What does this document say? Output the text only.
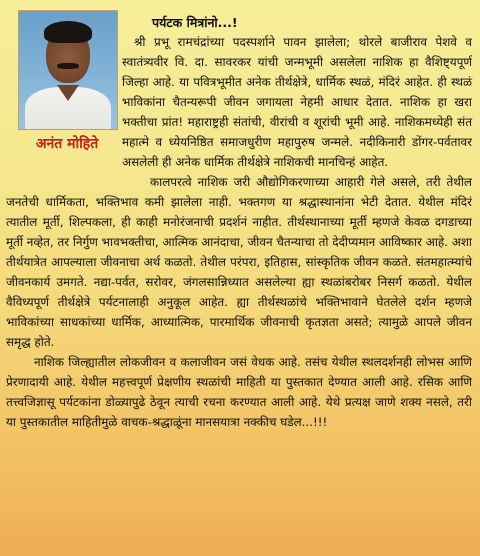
अनंत मोहिते
पर्यटक मित्रांनो...!

श्री प्रभू रामचंद्रांच्या पदस्पर्शाने पावन झालेला; थोरले बाजीराव पेशवे व स्वातंत्र्यवीर वि. दा. सावरकर यांची जन्मभूमी असलेला नाशिक हा वैशिष्ट्यपूर्ण जिल्हा आहे. या पवित्रभूमीत अनेक तीर्थक्षेत्रे, धार्मिक स्थळं, मंदिरं आहेत. ही स्थळं भाविकांना चैतन्यरूपी जीवन जगायला नेहमी आधार देतात. नाशिक हा खरा भक्तीचा प्रांत! महाराष्ट्रही संतांची, वीरांची व शूरांची भूमी आहे. नाशिकमध्येही संत महात्मे व ध्येयनिष्ठित समाजधुरीण महापुरुष जन्मले. नदीकिनारी डोंगर-पर्वतावर असलेली ही अनेक धार्मिक तीर्थक्षेत्रे नाशिकची मानचिन्हं आहेत.

कालपरत्वे नाशिक जरी औद्योगिकरणाच्या आहारी गेले असले, तरी तेथील जनतेची धार्मिकता, भक्तिभाव कमी झालेला नाही. भक्तगण या श्रद्धास्थानांना भेटी देतात. येथील मंदिरं त्यातील मूर्ती, शिल्पकला, ही काही मनोरंजनाची प्रदर्शनं नाहीत. तीर्थस्थानाच्या मूर्ती म्हणजे केवळ दगडाच्या मूर्ती नव्हेत, तर निर्गुण भावभक्तीचा, आत्मिक आनंदाचा, जीवन चैतन्याचा तो देदीप्यमान आविष्कार आहे. अशा तीर्थयात्रेत आपल्याला जीवनाचा अर्थ कळतो. तेथील परंपरा, इतिहास, सांस्कृतिक जीवन कळते. संतमहात्म्यांचे जीवनकार्य उमगते. नद्या-पर्वत, सरोवर, जंगलसान्निध्यात असलेल्या ह्या स्थळांबरोबर निसर्ग कळतो. येथील वैविध्यपूर्ण तीर्थक्षेत्रे पर्यटनालाही अनुकूल आहेत. ह्या तीर्थस्थळांचे भक्तिभावाने घेतलेले दर्शन म्हणजे भाविकांच्या साधकांच्या धार्मिक, आध्यात्मिक, पारमार्थिक जीवनाची कृतज्ञता असते; त्यामुळे आपले जीवन समृद्ध होते.

नाशिक जिल्ह्यातील लोकजीवन व कलाजीवन जसं वेधक आहे. तसंच येथील स्थलदर्शनही लोभस आणि प्रेरणादायी आहे. येथील महत्त्वपूर्ण प्रेक्षणीय स्थळांची माहिती या पुस्तकात देण्यात आली आहे. रसिक आणि तत्त्वजिज्ञासू पर्यटकांना डोळ्यापुढे ठेवून त्याची रचना करण्यात आली आहे. येथे प्रत्यक्ष जाणे शक्य नसले, तरी या पुस्तकातील माहितीमुळे वाचक-श्रद्धाळूंना मानसयात्रा नक्कीच घडेल...!!!
